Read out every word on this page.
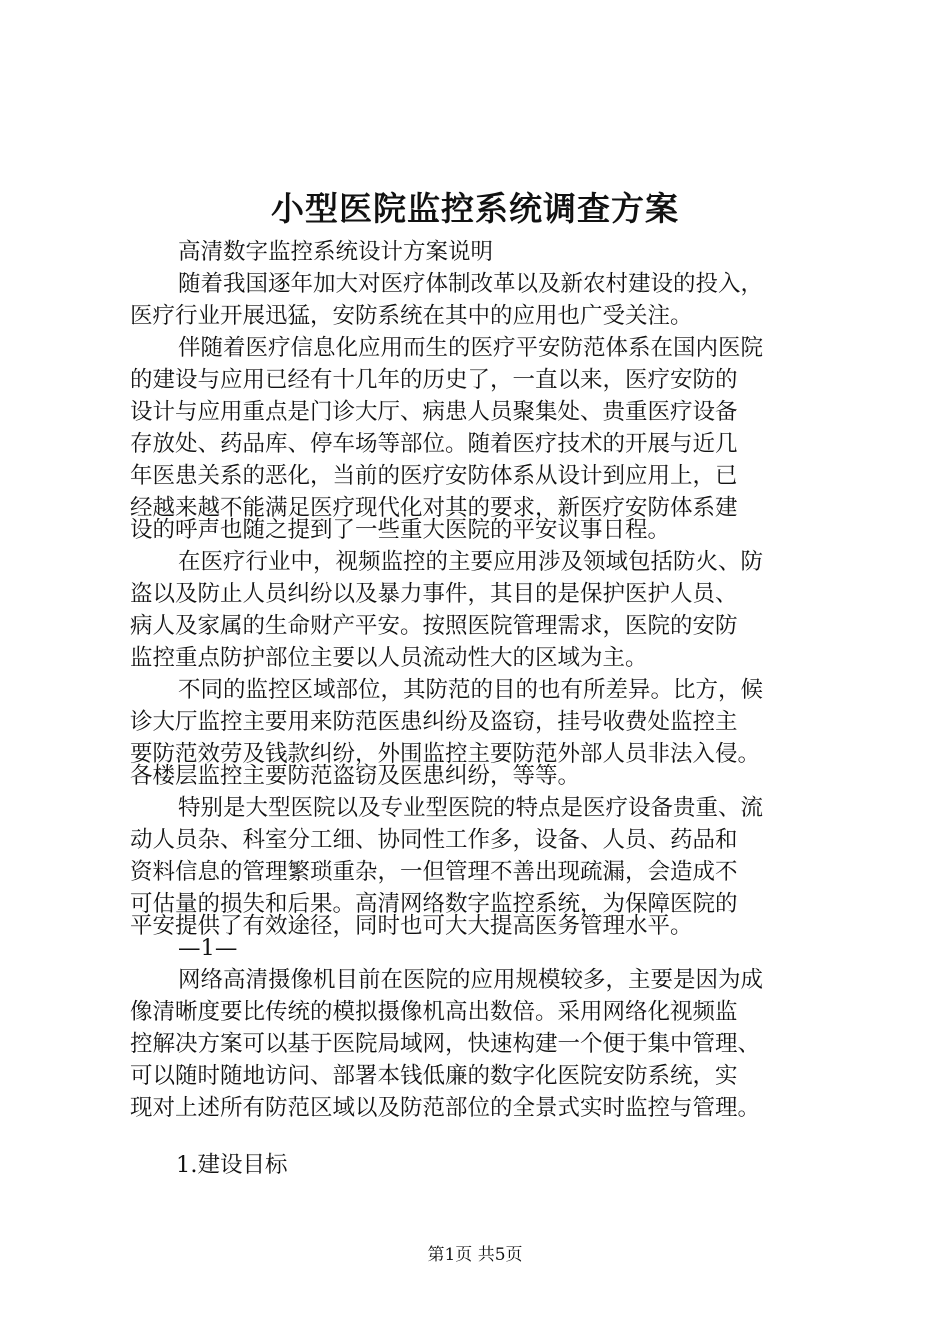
小型医院监控系统调查方案
高清数字监控系统设计方案说明
随着我国逐年加大对医疗体制改革以及新农村建设的投入，
医疗行业开展迅猛，安防系统在其中的应用也广受关注。
伴随着医疗信息化应用而生的医疗平安防范体系在国内医院
的建设与应用已经有十几年的历史了，一直以来，医疗安防的
设计与应用重点是门诊大厅、病患人员聚集处、贵重医疗设备
存放处、药品库、停车场等部位。随着医疗技术的开展与近几
年医患关系的恶化，当前的医疗安防体系从设计到应用上，已
经越来越不能满足医疗现代化对其的要求，新医疗安防体系建
设的呼声也随之提到了一些重大医院的平安议事日程。
在医疗行业中，视频监控的主要应用涉及领域包括防火、防
盗以及防止人员纠纷以及暴力事件，其目的是保护医护人员、
病人及家属的生命财产平安。按照医院管理需求，医院的安防
监控重点防护部位主要以人员流动性大的区域为主。
不同的监控区域部位，其防范的目的也有所差异。比方，候
诊大厅监控主要用来防范医患纠纷及盗窃，挂号收费处监控主
要防范效劳及钱款纠纷，外围监控主要防范外部人员非法入侵。
各楼层监控主要防范盗窃及医患纠纷，等等。
特别是大型医院以及专业型医院的特点是医疗设备贵重、流
动人员杂、科室分工细、协同性工作多，设备、人员、药品和
资料信息的管理繁琐重杂，一但管理不善出现疏漏，会造成不
可估量的损失和后果。高清网络数字监控系统，为保障医院的
平安提供了有效途径，同时也可大大提高医务管理水平。
—1—
网络高清摄像机目前在医院的应用规模较多，主要是因为成
像清晰度要比传统的模拟摄像机高出数倍。采用网络化视频监
控解决方案可以基于医院局域网，快速构建一个便于集中管理、
可以随时随地访问、部署本钱低廉的数字化医院安防系统，实
现对上述所有防范区域以及防范部位的全景式实时监控与管理。
1.建设目标
第1页 共5页
